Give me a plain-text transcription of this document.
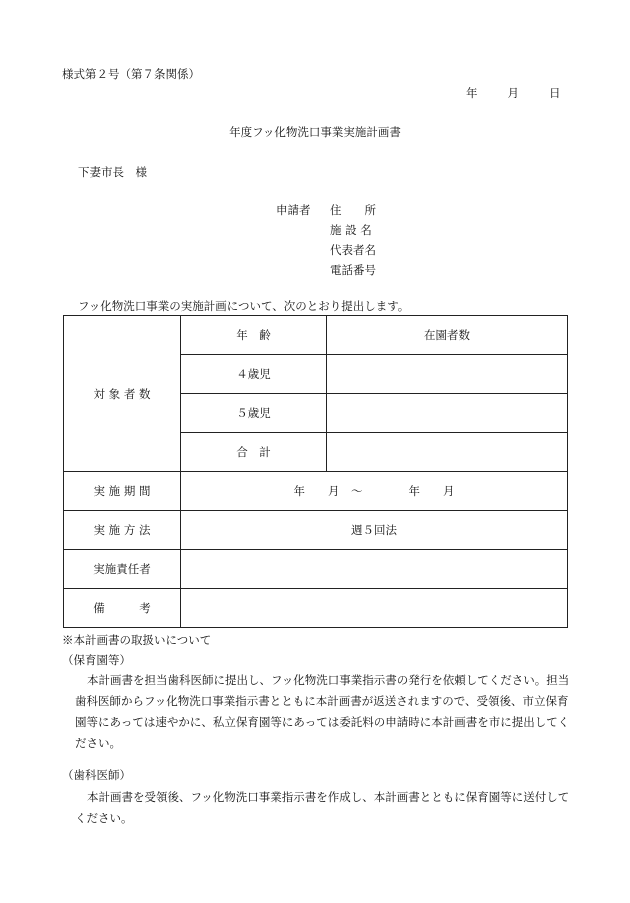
様式第２号（第７条関係）
年	月	日
年度フッ化物洗口事業実施計画書
下妻市長　様
申請者 住　　所
施 設 名
代表者名
電話番号
フッ化物洗口事業の実施計画について、次のとおり提出します。
対 象 者 数	年　齢	在園者数
	４歳児	
	５歳児	
	合　計	
実 施 期 間	年　　月　～　　　　年　　月	
実 施 方 法	週５回法	
実施責任者		
備　　　考		
※本計画書の取扱いについて
（保育園等）
本計画書を担当歯科医師に提出し、フッ化物洗口事業指示書の発行を依頼してください。担当歯科医師からフッ化物洗口事業指示書とともに本計画書が返送されますので、受領後、市立保育園等にあっては速やかに、私立保育園等にあっては委託料の申請時に本計画書を市に提出してください。
（歯科医師）
本計画書を受領後、フッ化物洗口事業指示書を作成し、本計画書とともに保育園等に送付してください。
